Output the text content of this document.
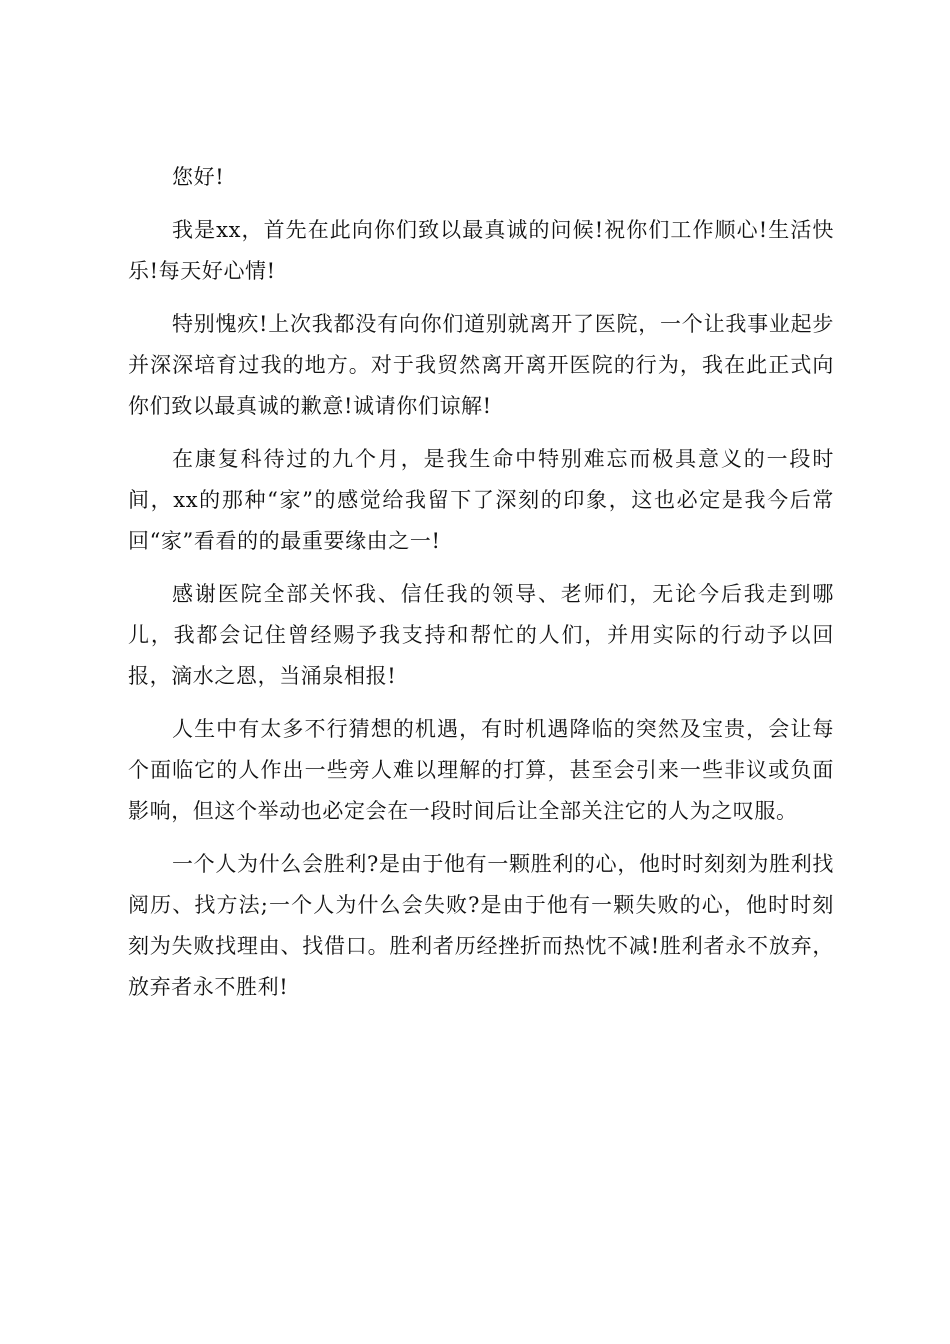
您好!

我是xx，首先在此向你们致以最真诚的问候!祝你们工作顺心!生活快乐!每天好心情!

特别愧疚!上次我都没有向你们道别就离开了医院，一个让我事业起步并深深培育过我的地方。对于我贸然离开离开医院的行为，我在此正式向你们致以最真诚的歉意!诚请你们谅解!

在康复科待过的九个月，是我生命中特别难忘而极具意义的一段时间，xx的那种“家”的感觉给我留下了深刻的印象，这也必定是我今后常回“家”看看的的最重要缘由之一!

感谢医院全部关怀我、信任我的领导、老师们，无论今后我走到哪儿，我都会记住曾经赐予我支持和帮忙的人们，并用实际的行动予以回报，滴水之恩，当涌泉相报!

人生中有太多不行猜想的机遇，有时机遇降临的突然及宝贵，会让每个面临它的人作出一些旁人难以理解的打算，甚至会引来一些非议或负面影响，但这个举动也必定会在一段时间后让全部关注它的人为之叹服。

一个人为什么会胜利?是由于他有一颗胜利的心，他时时刻刻为胜利找阅历、找方法;一个人为什么会失败?是由于他有一颗失败的心，他时时刻刻为失败找理由、找借口。胜利者历经挫折而热忱不减!胜利者永不放弃，放弃者永不胜利!
